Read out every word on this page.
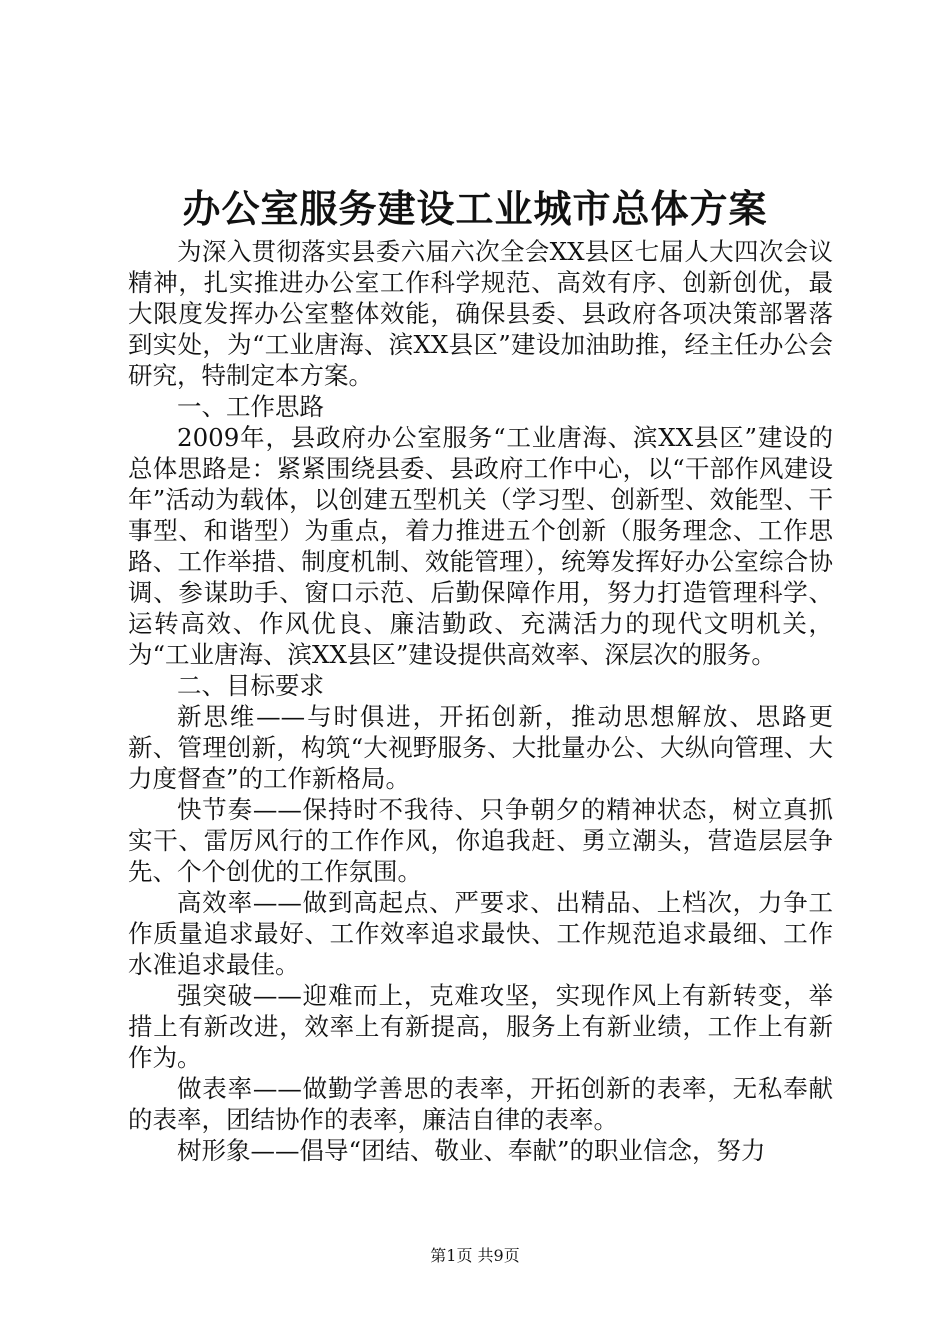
办公室服务建设工业城市总体方案

为深入贯彻落实县委六届六次全会XX县区七届人大四次会议精神，扎实推进办公室工作科学规范、高效有序、创新创优，最大限度发挥办公室整体效能，确保县委、县政府各项决策部署落到实处，为“工业唐海、滨XX县区”建设加油助推，经主任办公会研究，特制定本方案。

一、工作思路

2009年，县政府办公室服务“工业唐海、滨XX县区”建设的总体思路是：紧紧围绕县委、县政府工作中心，以“干部作风建设年”活动为载体，以创建五型机关（学习型、创新型、效能型、干事型、和谐型）为重点，着力推进五个创新（服务理念、工作思路、工作举措、制度机制、效能管理），统筹发挥好办公室综合协调、参谋助手、窗口示范、后勤保障作用，努力打造管理科学、运转高效、作风优良、廉洁勤政、充满活力的现代文明机关，为“工业唐海、滨XX县区”建设提供高效率、深层次的服务。

二、目标要求

新思维——与时俱进，开拓创新，推动思想解放、思路更新、管理创新，构筑“大视野服务、大批量办公、大纵向管理、大力度督查”的工作新格局。

快节奏——保持时不我待、只争朝夕的精神状态，树立真抓实干、雷厉风行的工作作风，你追我赶、勇立潮头，营造层层争先、个个创优的工作氛围。

高效率——做到高起点、严要求、出精品、上档次，力争工作质量追求最好、工作效率追求最快、工作规范追求最细、工作水准追求最佳。

强突破——迎难而上，克难攻坚，实现作风上有新转变，举措上有新改进，效率上有新提高，服务上有新业绩，工作上有新作为。

做表率——做勤学善思的表率，开拓创新的表率，无私奉献的表率，团结协作的表率，廉洁自律的表率。

树形象——倡导“团结、敬业、奉献”的职业信念，努力

第1页 共9页
